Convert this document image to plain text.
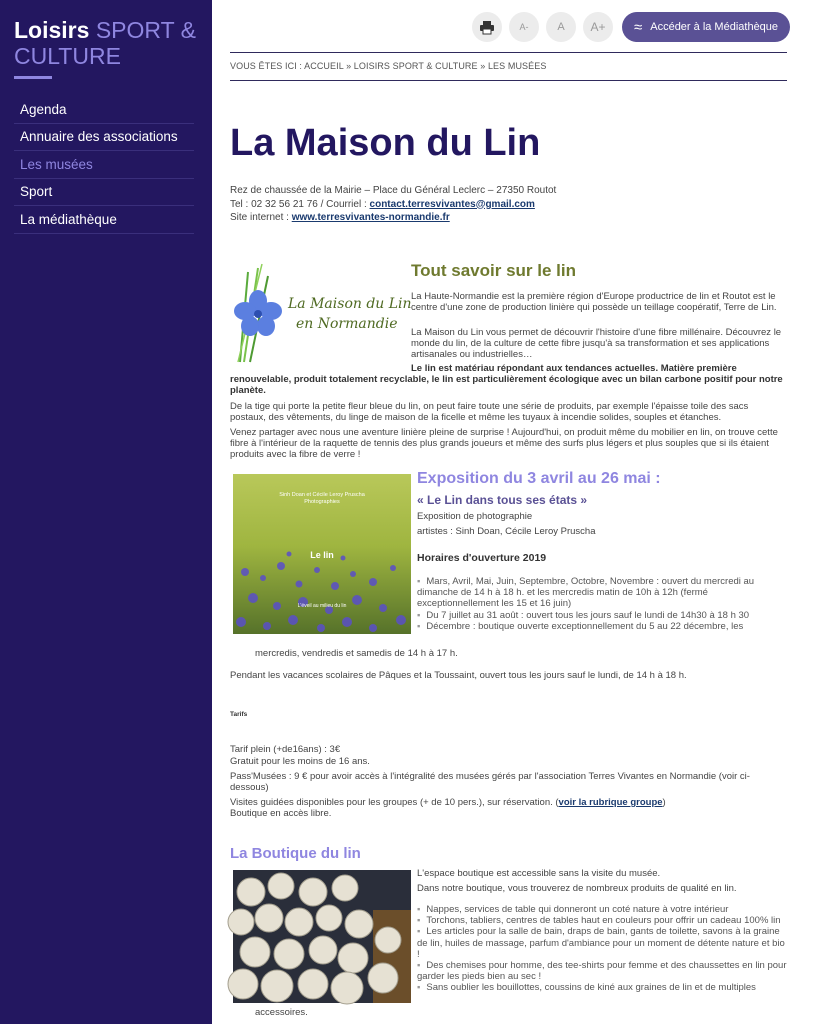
Loisirs SPORT & CULTURE
Agenda
Annuaire des associations
Les musées
Sport
La médiathèque
A-	A A+ ≈ Accéder à la Médiathèque
VOUS ÊTES ICI : ACCUEIL » LOISIRS SPORT & CULTURE » LES MUSÉES
La Maison du Lin
Rez de chaussée de la Mairie – Place du Général Leclerc – 27350 Routot
Tel : 02 32 56 21 76 / Courriel : contact.terresvivantes@gmail.com
Site internet : www.terresvivantes-normandie.fr
La Maison du Lin
en Normandie
Tout savoir sur le lin

La Haute-Normandie est la première région d'Europe productrice de lin et Routot est le centre d'une zone de production linière qui possède un teillage coopératif, Terre de Lin.

La Maison du Lin vous permet de découvrir l'histoire d'une fibre millénaire. Découvrez le monde du lin, de la culture de cette fibre jusqu'à sa transformation et ses applications artisanales ou industrielles…

Le lin est matériau répondant aux tendances actuelles. Matière première renouvelable, produit totalement recyclable, le lin est particulièrement écologique avec un bilan carbone positif pour notre planète.

De la tige qui porte la petite fleur bleue du lin, on peut faire toute une série de produits, par exemple l'épaisse toile des sacs postaux, des vêtements, du linge de maison de la ficelle et même les tuyaux à incendie solides, souples et étanches.

Venez partager avec nous une aventure linière pleine de surprise ! Aujourd'hui, on produit même du mobilier en lin, on trouve cette fibre à l'intérieur de la raquette de tennis des plus grands joueurs et même des surfs plus légers et plus souples que si ils étaient produits avec la fibre de verre !

Sinh Doan et Cécile Leroy Pruscha
Photographies
Le lin
L'éveil au milieu du lin
Exposition du 3 avril au 26 mai :
« Le Lin dans tous ses états »
Exposition de photographie
artistes : Sinh Doan, Cécile Leroy Pruscha
Horaires d'ouverture 2019
▪ Mars, Avril, Mai, Juin, Septembre, Octobre, Novembre : ouvert du mercredi au dimanche de 14 h à 18 h. et les mercredis matin de 10h à 12h (fermé exceptionnellement les 15 et 16 juin)
▪ Du 7 juillet au 31 août : ouvert tous les jours sauf le lundi de 14h30 à 18 h 30
▪ Décembre : boutique ouverte exceptionnellement du 5 au 22 décembre, les
mercredis, vendredis et samedis de 14 h à 17 h.
Pendant les vacances scolaires de Pâques et la Toussaint, ouvert tous les jours sauf le lundi, de 14 h à 18 h.
Tarifs
Tarif plein (+de16ans) : 3€
Gratuit pour les moins de 16 ans.
Pass'Musées : 9 € pour avoir accès à l'intégralité des musées gérés par l'association Terres Vivantes en Normandie (voir ci-dessous)
Visites guidées disponibles pour les groupes (+ de 10 pers.), sur réservation. (voir la rubrique groupe)
Boutique en accès libre.
La Boutique du lin
L'espace boutique est accessible sans la visite du musée.
Dans notre boutique, vous trouverez de nombreux produits de qualité en lin.
▪ Nappes, services de table qui donneront un coté nature à votre intérieur
▪ Torchons, tabliers, centres de tables haut en couleurs pour offrir un cadeau 100% lin
▪ Les articles pour la salle de bain, draps de bain, gants de toilette, savons à la graine de lin, huiles de massage, parfum d'ambiance pour un moment de détente nature et bio !
▪ Des chemises pour homme, des tee-shirts pour femme et des chaussettes en lin pour garder les pieds bien au sec !
▪ Sans oublier les bouillottes, coussins de kiné aux graines de lin et de multiples
accessoires.
